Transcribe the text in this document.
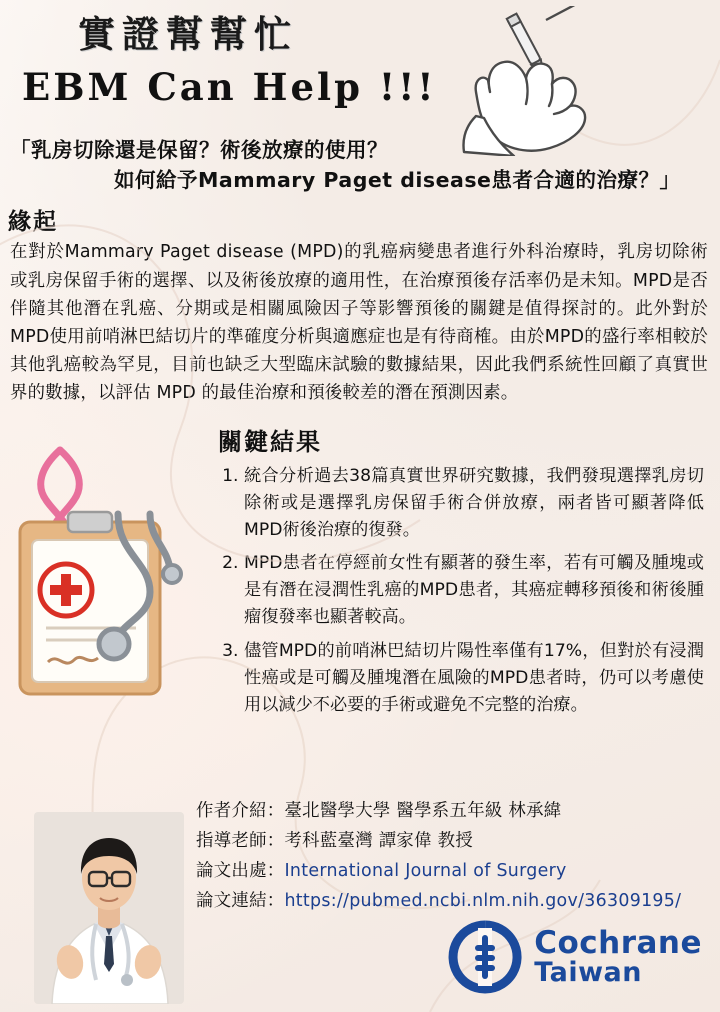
實證幫幫忙
EBM Can Help !!!
「乳房切除還是保留？術後放療的使用？
如何給予Mammary Paget disease患者合適的治療？」
緣起
在對於Mammary Paget disease (MPD)的乳癌病變患者進行外科治療時，乳房切除術或乳房保留手術的選擇、以及術後放療的適用性，在治療預後存活率仍是未知。MPD是否伴隨其他潛在乳癌、分期或是相關風險因子等影響預後的關鍵是值得探討的。此外對於MPD使用前哨淋巴結切片的準確度分析與適應症也是有待商榷。由於MPD的盛行率相較於其他乳癌較為罕見，目前也缺乏大型臨床試驗的數據結果，因此我們系統性回顧了真實世界的數據，以評估 MPD 的最佳治療和預後較差的潛在預測因素。
關鍵結果
1. 統合分析過去38篇真實世界研究數據，我們發現選擇乳房切除術或是選擇乳房保留手術合併放療，兩者皆可顯著降低MPD術後治療的復發。
2. MPD患者在停經前女性有顯著的發生率，若有可觸及腫塊或是有潛在浸潤性乳癌的MPD患者，其癌症轉移預後和術後腫瘤復發率也顯著較高。
3. 儘管MPD的前哨淋巴結切片陽性率僅有17%，但對於有浸潤性癌或是可觸及腫塊潛在風險的MPD患者時，仍可以考慮使用以減少不必要的手術或避免不完整的治療。
作者介紹：臺北醫學大學 醫學系五年級 林承緯
指導老師：考科藍臺灣 譚家偉 教授
論文出處：International Journal of Surgery
論文連結：https://pubmed.ncbi.nlm.nih.gov/36309195/
Cochrane
Taiwan
